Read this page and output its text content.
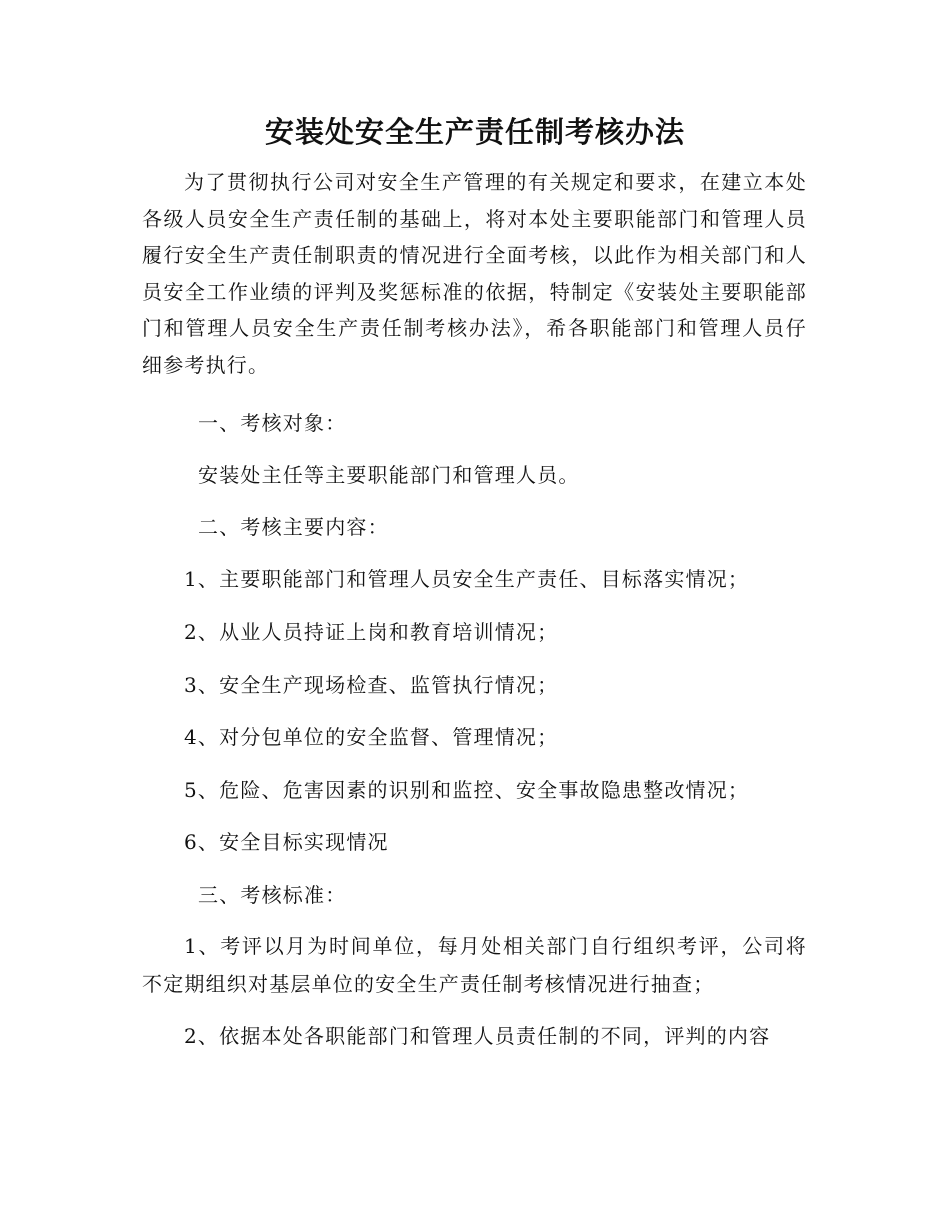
安装处安全生产责任制考核办法
为了贯彻执行公司对安全生产管理的有关规定和要求，在建立本处各级人员安全生产责任制的基础上，将对本处主要职能部门和管理人员履行安全生产责任制职责的情况进行全面考核，以此作为相关部门和人员安全工作业绩的评判及奖惩标准的依据，特制定《安装处主要职能部门和管理人员安全生产责任制考核办法》，希各职能部门和管理人员仔细参考执行。
一、考核对象：
安装处主任等主要职能部门和管理人员。
二、考核主要内容：
1、主要职能部门和管理人员安全生产责任、目标落实情况；
2、从业人员持证上岗和教育培训情况；
3、安全生产现场检查、监管执行情况；
4、对分包单位的安全监督、管理情况；
5、危险、危害因素的识别和监控、安全事故隐患整改情况；
6、安全目标实现情况
三、考核标准：
1、考评以月为时间单位，每月处相关部门自行组织考评，公司将不定期组织对基层单位的安全生产责任制考核情况进行抽查；
2、依据本处各职能部门和管理人员责任制的不同，评判的内容
